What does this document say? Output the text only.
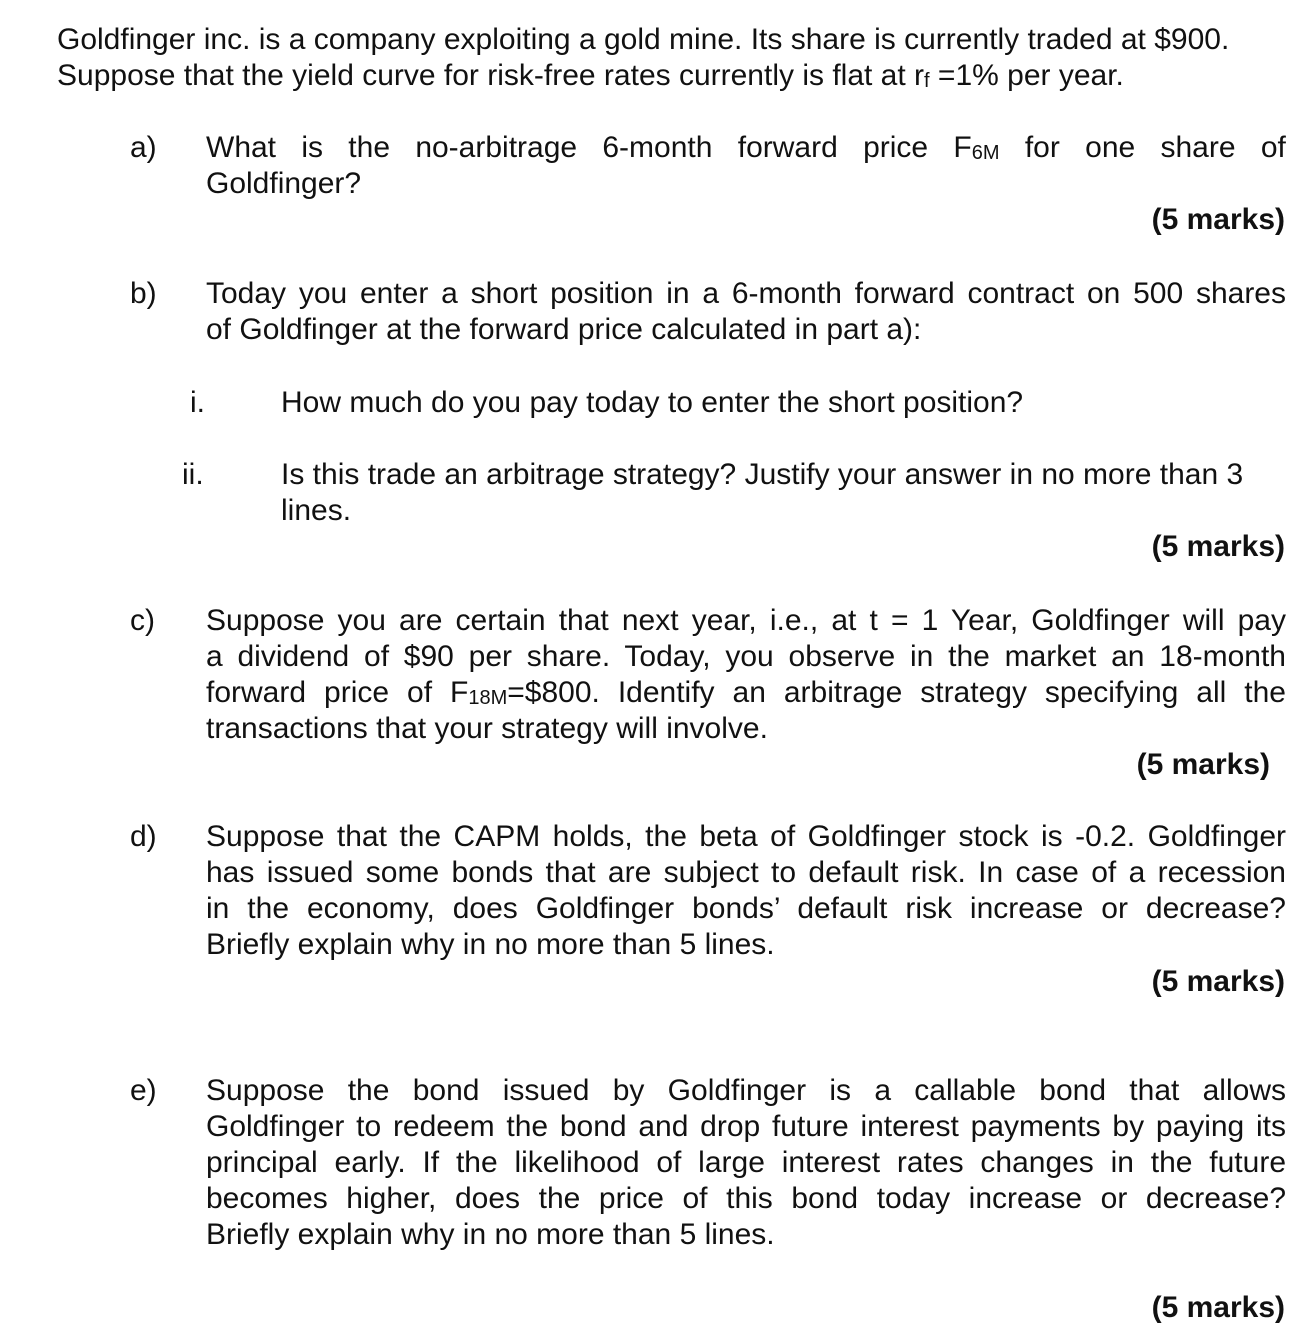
Goldfinger inc. is a company exploiting a gold mine. Its share is currently traded at $900.
Suppose that the yield curve for risk-free rates currently is flat at $r_f =1\%$ per year.
a)	What is the no-arbitrage 6-month forward price $F_{6M}$ for one share of
Goldfinger?
(5 marks)
b)	Today you enter a short position in a 6-month forward contract on 500 shares
of Goldfinger at the forward price calculated in part a):
i.	How much do you pay today to enter the short position?
ii.	Is this trade an arbitrage strategy? Justify your answer in no more than 3
lines.
(5 marks)
c)	Suppose you are certain that next year, i.e., at t = 1 Year, Goldfinger will pay
a dividend of $90 per share. Today, you observe in the market an 18-month
forward price of $F_{18M}=\$800$. Identify an arbitrage strategy specifying all the
transactions that your strategy will involve.
(5 marks)
d)	Suppose that the CAPM holds, the beta of Goldfinger stock is -0.2. Goldfinger
has issued some bonds that are subject to default risk. In case of a recession
in the economy, does Goldfinger bonds’ default risk increase or decrease?
Briefly explain why in no more than 5 lines.
(5 marks)
e)	Suppose the bond issued by Goldfinger is a callable bond that allows
Goldfinger to redeem the bond and drop future interest payments by paying its
principal early. If the likelihood of large interest rates changes in the future
becomes higher, does the price of this bond today increase or decrease?
Briefly explain why in no more than 5 lines.
(5 marks)
